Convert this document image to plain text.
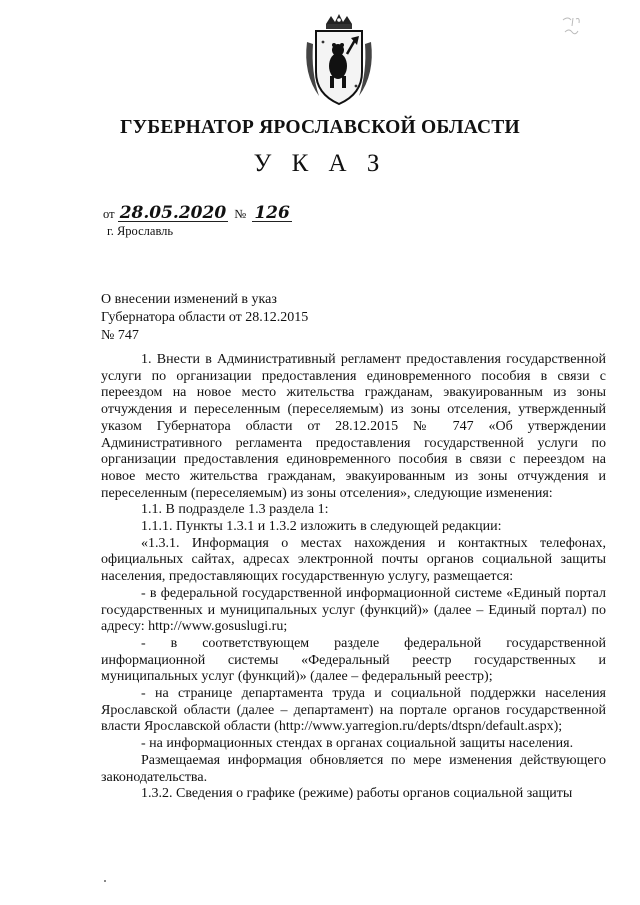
ГУБЕРНАТОР ЯРОСЛАВСКОЙ ОБЛАСТИ
У К А З
от 28.05.2020 № 126
г. Ярославль
О внесении изменений в указ
Губернатора области от 28.12.2015
№ 747

1. Внести в Административный регламент предоставления государственной услуги по организации предоставления единовременного пособия в связи с переездом на новое место жительства гражданам, эвакуированным из зоны отчуждения и переселенным (переселяемым) из зоны отселения, утвержденный указом Губернатора области от 28.12.2015 № 747 «Об утверждении Административного регламента предоставления государственной услуги по организации предоставления единовременного пособия в связи с переездом на новое место жительства гражданам, эвакуированным из зоны отчуждения и переселенным (переселяемым) из зоны отселения», следующие изменения:

1.1. В подразделе 1.3 раздела 1:

1.1.1. Пункты 1.3.1 и 1.3.2 изложить в следующей редакции:

«1.3.1. Информация о местах нахождения и контактных телефонах, официальных сайтах, адресах электронной почты органов социальной защиты населения, предоставляющих государственную услугу, размещается:

- в федеральной государственной информационной системе «Единый портал государственных и муниципальных услуг (функций)» (далее – Единый портал) по адресу: http://www.gosuslugi.ru;

- в соответствующем разделе федеральной государственной информационной системы «Федеральный реестр государственных и муниципальных услуг (функций)» (далее – федеральный реестр);

- на странице департамента труда и социальной поддержки населения Ярославской области (далее – департамент) на портале органов государственной власти Ярославской области (http://www.yarregion.ru/depts/dtspn/default.aspx);

- на информационных стендах в органах социальной защиты населения.

Размещаемая информация обновляется по мере изменения действующего законодательства.

1.3.2. Сведения о графике (режиме) работы органов социальной защиты
